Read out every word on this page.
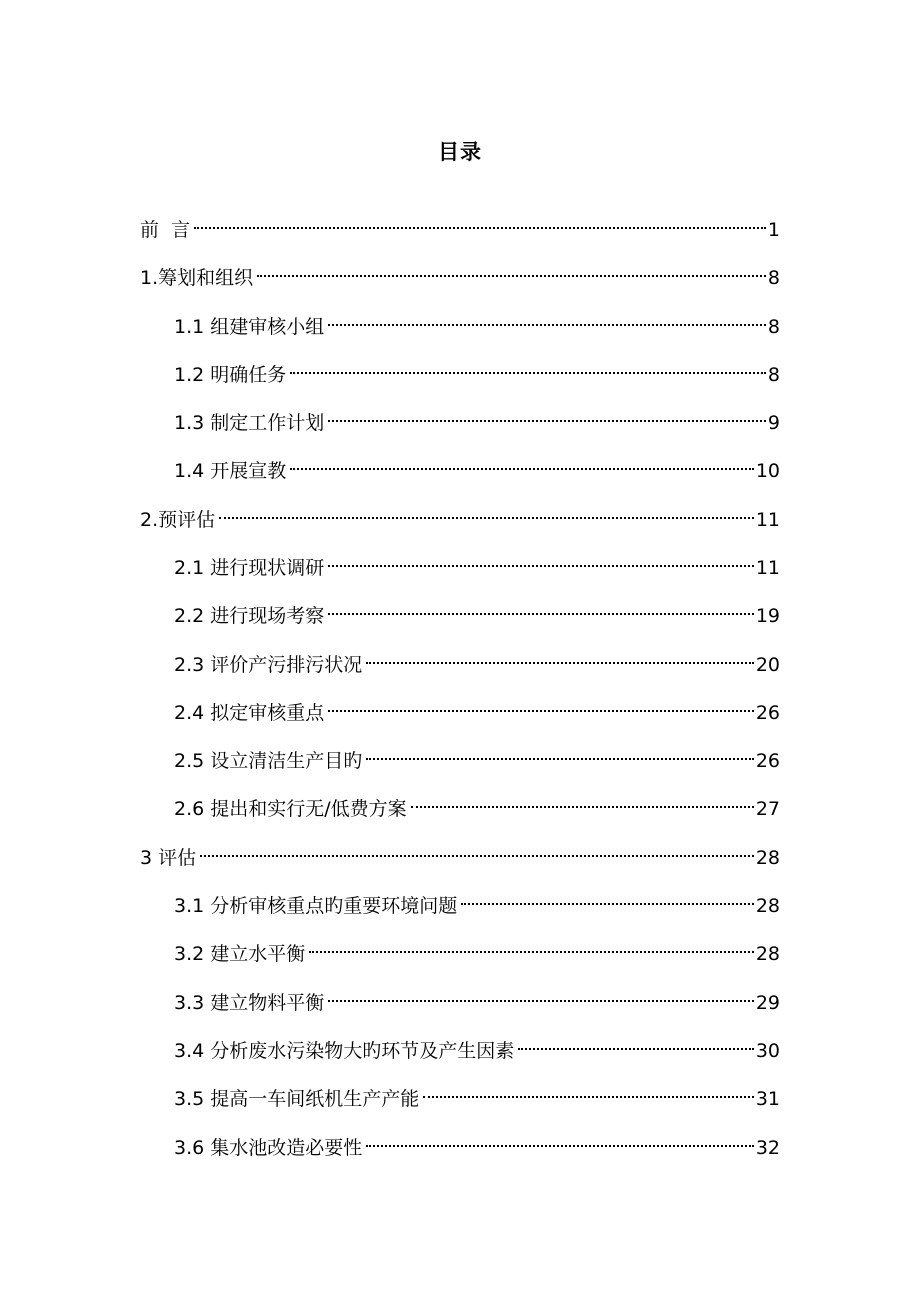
目录
前  言	1
1.筹划和组织	8
1.1 组建审核小组	8
1.2 明确任务	8
1.3 制定工作计划	9
1.4 开展宣教	10
2.预评估	11
2.1 进行现状调研	11
2.2 进行现场考察	19
2.3 评价产污排污状况	20
2.4 拟定审核重点	26
2.5 设立清洁生产目旳	26
2.6 提出和实行无/低费方案	27
3 评估	28
3.1 分析审核重点旳重要环境问题	28
3.2 建立水平衡	28
3.3 建立物料平衡	29
3.4 分析废水污染物大旳环节及产生因素	30
3.5 提高一车间纸机生产产能	31
3.6 集水池改造必要性	32
